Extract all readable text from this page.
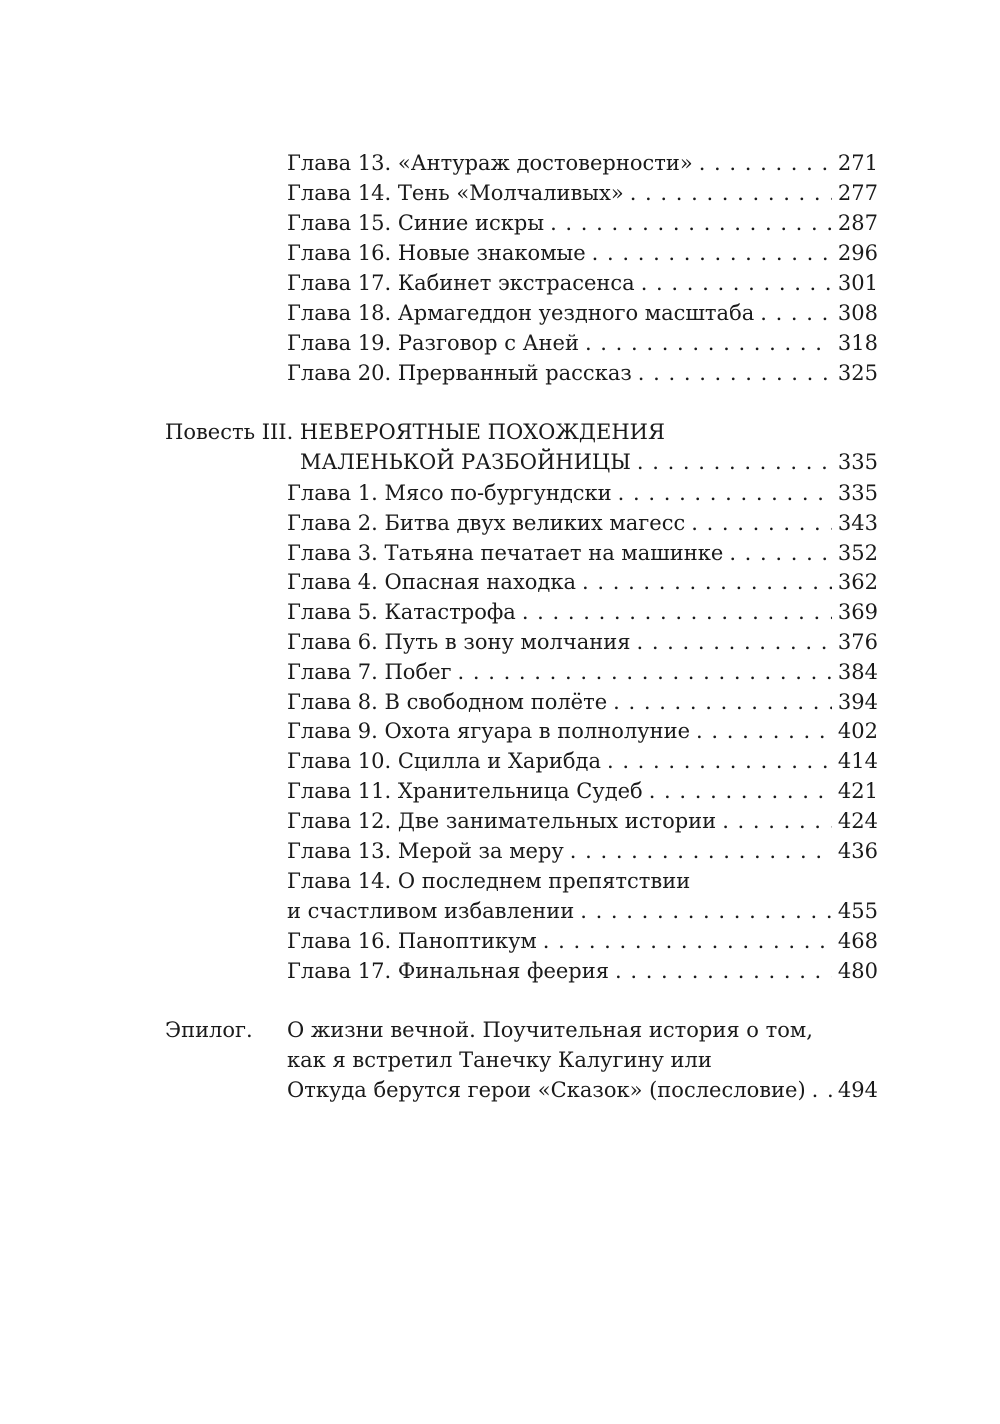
Глава 13. «Антураж достоверности» . . .	271
Глава 14. Тень «Молчаливых» . . .	277
Глава 15. Синие искры . . .	287
Глава 16. Новые знакомые . . .	296
Глава 17. Кабинет экстрасенса . . .	301
Глава 18. Армагеддон уездного масштаба . . .	308
Глава 19. Разговор с Аней . . .	318
Глава 20. Прерванный рассказ . . .	325
Повесть III. НЕВЕРОЯТНЫЕ ПОХОЖДЕНИЯ
МАЛЕНЬКОЙ РАЗБОЙНИЦЫ . . .	335
Глава 1. Мясо по-бургундски . . .	335
Глава 2. Битва двух великих магесс . . .	343
Глава 3. Татьяна печатает на машинке . . .	352
Глава 4. Опасная находка . . .	362
Глава 5. Катастрофа . . .	369
Глава 6. Путь в зону молчания . . .	376
Глава 7. Побег . . .	384
Глава 8. В свободном полёте . . .	394
Глава 9. Охота ягуара в полнолуние . . .	402
Глава 10. Сцилла и Харибда . . .	414
Глава 11. Хранительница Судеб . . .	421
Глава 12. Две занимательных истории . . .	424
Глава 13. Мерой за меру . . .	436
Глава 14. О последнем препятствии
и счастливом избавлении . . .	455
Глава 16. Паноптикум . . .	468
Глава 17. Финальная феерия . . .	480
Эпилог. О жизни вечной. Поучительная история о том,
как я встретил Танечку Калугину или
Откуда берутся герои «Сказок» (послесловие) . . . 494
